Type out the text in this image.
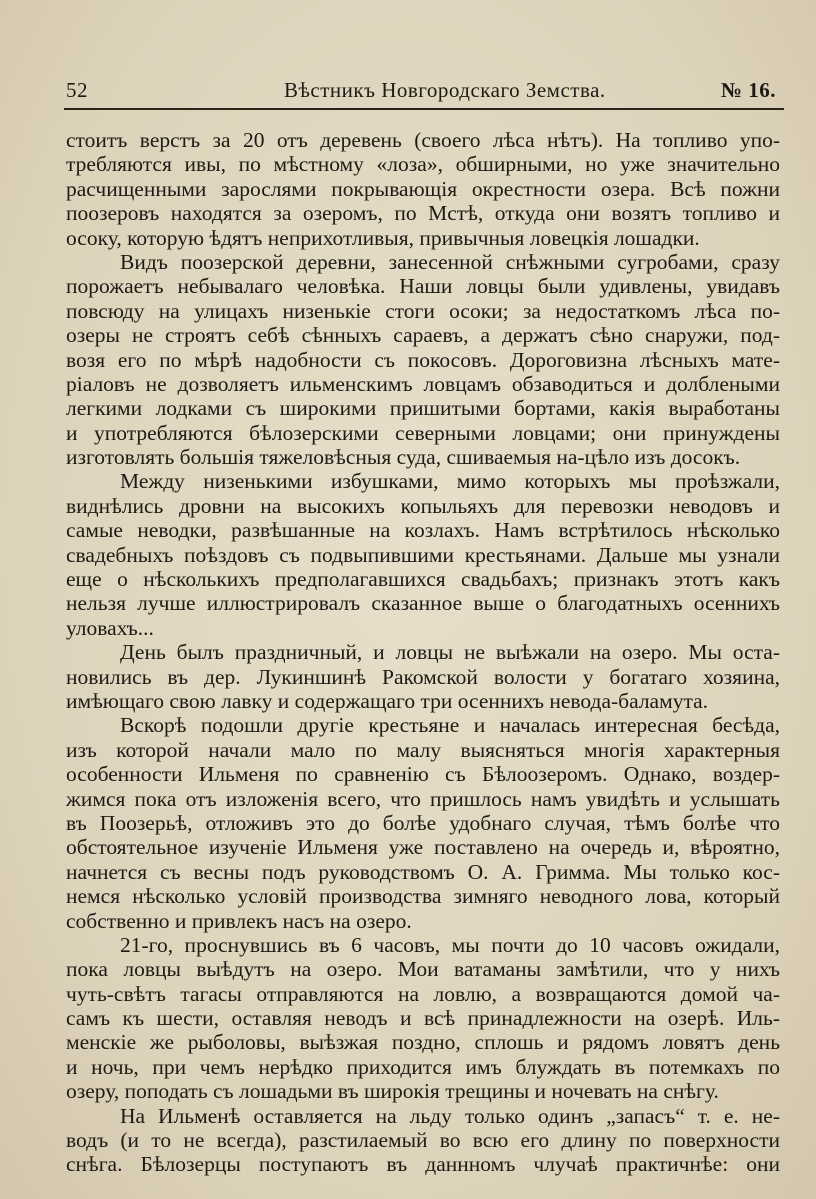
52	Вѣстникъ Новгородскаго Земства.	№ 16.
стоитъ верстъ за 20 отъ деревень (своего лѣса нѣтъ). На топливо упо-
требляются ивы, по мѣстному «лоза», обширными, но уже значительно
расчищенными зарослями покрывающія окрестности озера. Всѣ пожни
поозеровъ находятся за озеромъ, по Мстѣ, откуда они возятъ топливо и
осоку, которую ѣдятъ неприхотливыя, привычныя ловецкія лошадки.
Видъ поозерской деревни, занесенной снѣжными сугробами, сразу
порожаетъ небывалаго человѣка. Наши ловцы были удивлены, увидавъ
повсюду на улицахъ низенькіе стоги осоки; за недостаткомъ лѣса по-
озеры не строятъ себѣ сѣнныхъ сараевъ, а держатъ сѣно снаружи, под-
возя его по мѣрѣ надобности съ покосовъ. Дороговизна лѣсныхъ мате-
ріаловъ не дозволяетъ ильменскимъ ловцамъ обзаводиться и долблеными
легкими лодками съ широкими пришитыми бортами, какія выработаны
и употребляются бѣлозерскими северными ловцами; они принуждены
изготовлять большія тяжеловѣсныя суда, сшиваемыя на-цѣло изъ досокъ.
Между низенькими избушками, мимо которыхъ мы проѣзжали,
виднѣлись дровни на высокихъ копыльяхъ для перевозки неводовъ и
самые неводки, развѣшанные на козлахъ. Намъ встрѣтилось нѣсколько
свадебныхъ поѣздовъ съ подвыпившими крестьянами. Дальше мы узнали
еще о нѣсколькихъ предполагавшихся свадьбахъ; признакъ этотъ какъ
нельзя лучше иллюстрировалъ сказанное выше о благодатныхъ осеннихъ
уловахъ...
День былъ праздничный, и ловцы не выѣжали на озеро. Мы оста-
новились въ дер. Лукиншинѣ Ракомской волости у богатаго хозяина,
имѣющаго свою лавку и содержащаго три осеннихъ невода-баламута.
Вскорѣ подошли другіе крестьяне и началась интересная бесѣда,
изъ которой начали мало по малу выясняться многія характерныя
особенности Ильменя по сравненію съ Бѣлоозеромъ. Однако, воздер-
жимся пока отъ изложенія всего, что пришлось намъ увидѣть и услышать
въ Поозерьѣ, отложивъ это до болѣе удобнаго случая, тѣмъ болѣе что
обстоятельное изученіе Ильменя уже поставлено на очередь и, вѣроятно,
начнется съ весны подъ руководствомъ О. А. Гримма. Мы только кос-
немся нѣсколько условій производства зимняго неводного лова, который
собственно и привлекъ насъ на озеро.
21-го, проснувшись въ 6 часовъ, мы почти до 10 часовъ ожидали,
пока ловцы выѣдутъ на озеро. Мои ватаманы замѣтили, что у нихъ
чуть-свѣтъ тагасы отправляются на ловлю, а возвращаются домой ча-
самъ къ шести, оставляя неводъ и всѣ принадлежности на озерѣ. Иль-
менскіе же рыболовы, выѣзжая поздно, сплошь и рядомъ ловятъ день
и ночь, при чемъ нерѣдко приходится имъ блуждать въ потемкахъ по
озеру, поподать съ лошадьми въ широкія трещины и ночевать на снѣгу.
На Ильменѣ оставляется на льду только одинъ „запасъ“ т. е. не-
водъ (и то не всегда), разстилаемый во всю его длину по поверхности
снѣга. Бѣлозерцы поступаютъ въ даннномъ члучаѣ практичнѣе: они
